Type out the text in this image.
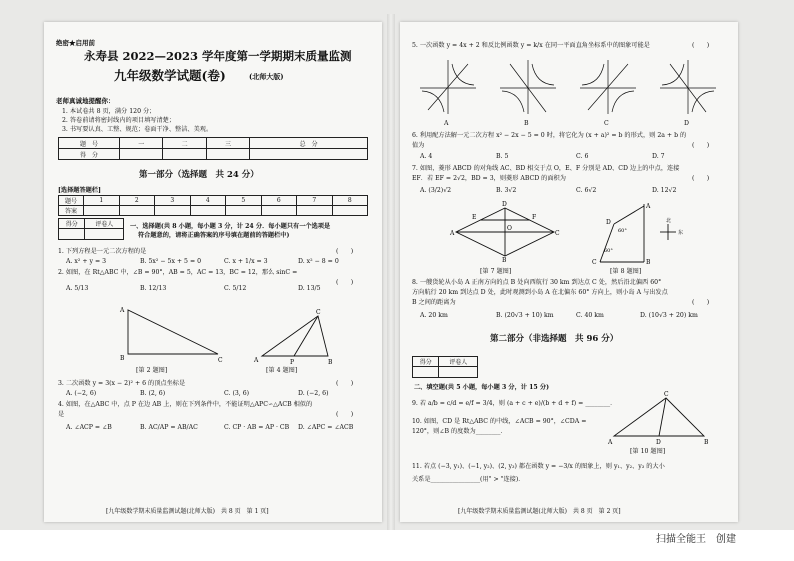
绝密★启用前
永寿县 2022—2023 学年度第一学期期末质量监测
九年级数学试题(卷)	(北师大版)
老师真诚地提醒你：
1. 本试卷共 8 页，满分 120 分；
2. 答卷前请将密封线内的项目填写清楚；
3. 书写要认真、工整、规范；卷面干净、整洁、美观。
题　号	一	二	三	总　分
得　分				
第一部分（选择题　共 24 分）
[选择题答题栏]
题号	1	2	3	4	5	6	7	8
答案								
得分	评卷人
		一、选择题(共 8 小题，每小题 3 分，计 24 分．每小题只有一个选项是
符合题意的，请将正确答案的序号填在题前的答题栏中)
1. 下列方程是一元二次方程的是	(　　)
A. x² + y = 3	B. 5x² − 5x + 5 = 0	C. x + 1/x = 3	D. x² − 8 = 0
2. 如图，在 Rt△ABC 中，∠B = 90°，AB = 5，AC = 13，BC = 12，那么 sinC =
(　　)
A. 5/13	B. 12/13	C. 5/12	D. 13/5
A
B	C
[第 2 题图]
A
C
P	B
[第 4 题图]
3. 二次函数 y = 3(x − 2)² + 6 的顶点坐标是	(　　)
A. (−2, 6)	B. (2, 6)	C. (3, 6)	D. (−2, 6)
4. 如图，在△ABC 中，点 P 在边 AB 上，则在下列条件中，不能证明△APC∽△ACB 相似的
是	(　　)
A. ∠ACP = ∠B	B. AC/AP = AB/AC	C. CP · AB = AP · CB D. ∠APC = ∠ACB
[九年级数学期末质量监测试题(北师大版)　共 8 页　第 1 页]
5. 一次函数 y = 4x + 2 和反比例函数 y = k/x 在同一平面直角坐标系中的图象可能是	(　　)
A	B	C	D
6. 利用配方法解一元二次方程 x² − 2x − 5 = 0 时，将它化为 (x + a)² = b 的形式，则 2a + b 的
值为	(　　)
A. 4	B. 5	C. 6	D. 7
7. 如图，菱形 ABCD 的对角线 AC、BD 相交于点 O，E、F 分别是 AD、CD 边上的中点，连接
EF．若 EF = 2√2，BD = 3，则菱形 ABCD 的面积为	(　　)
A. (3/2)√2	B. 3√2	C. 6√2	D. 12√2
D
A	C
B
E	F
O
[第 7 题图]
A
B
C
D
60°
60°
北
东
[第 8 题图]
8. 一艘货轮从小岛 A 正南方向的点 B 处向西航行 30 km 到达点 C 处，然后沿北偏西 60°
方向航行 20 km 到达点 D 处，此时观测到小岛 A 在北偏东 60° 方向上，则小岛 A 与出发点
B 之间的距离为	(　　)
A. 20 km	B. (20√3 + 10) km	C. 40 km	D. (10√3 + 20) km
第二部分（非选择题　共 96 分）
得分	评卷人

二、填空题(共 5 小题，每小题 3 分，计 15 分)
9. 若 a/b = c/d = e/f = 3/4，则 (a + c + e)/(b + d + f) = ________．
10. 如图，CD 是 Rt△ABC 的中线，∠ACB = 90°，∠CDA =
120°，则∠B 的度数为________．
A
C
D	B
[第 10 题图]
11. 若点 (−3, y₁)、(−1, y₂)、(2, y₃) 都在函数 y = −3/x 的图象上，则 y₁、y₂、y₃ 的大小
关系是________________(用" > "连接)．
[九年级数学期末质量监测试题(北师大版)　共 8 页　第 2 页]
扫描全能王　创建
